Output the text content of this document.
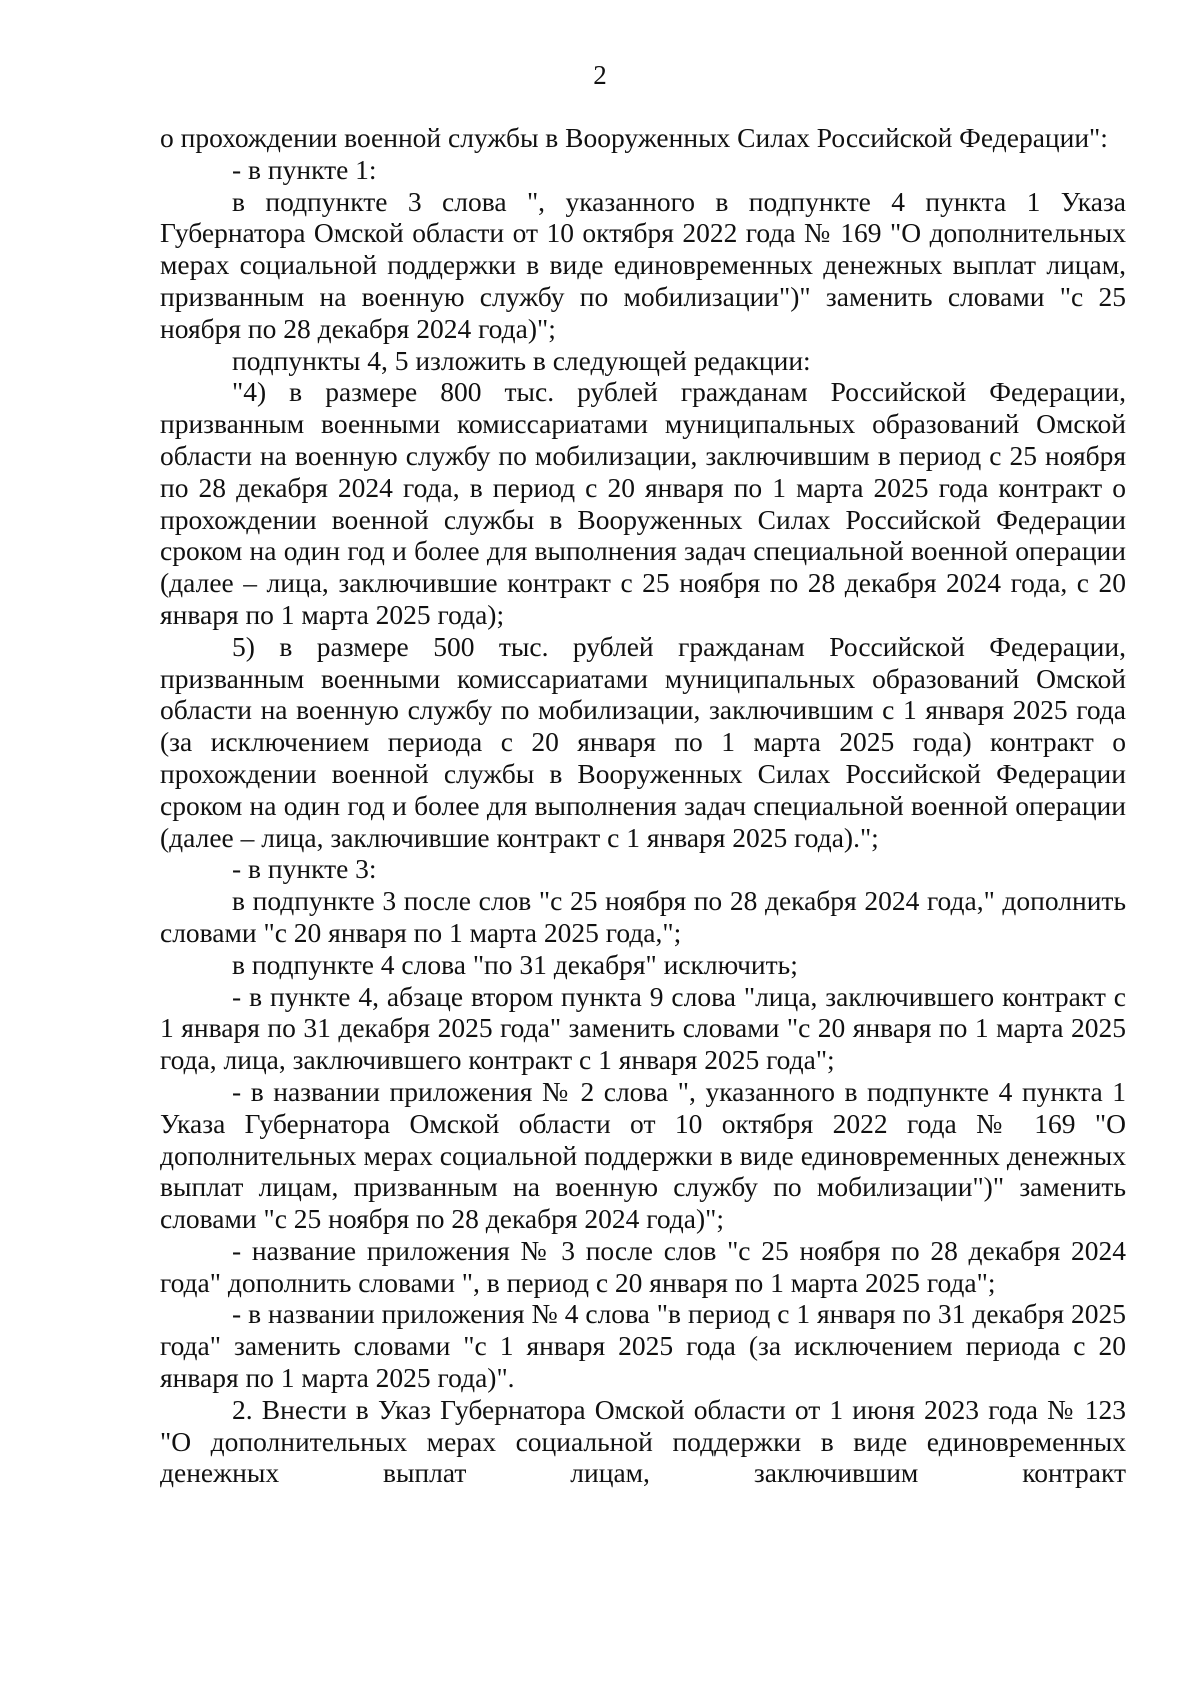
2

о прохождении военной службы в Вооруженных Силах Российской Федерации":

- в пункте 1:

в подпункте 3 слова ", указанного в подпункте 4 пункта 1 Указа Губернатора Омской области от 10 октября 2022 года № 169 "О дополнительных мерах социальной поддержки в виде единовременных денежных выплат лицам, призванным на военную службу по мобилизации")" заменить словами "с 25 ноября по 28 декабря 2024 года)";

подпункты 4, 5 изложить в следующей редакции:

"4) в размере 800 тыс. рублей гражданам Российской Федерации, призванным военными комиссариатами муниципальных образований Омской области на военную службу по мобилизации, заключившим в период с 25 ноября по 28 декабря 2024 года, в период с 20 января по 1 марта 2025 года контракт о прохождении военной службы в Вооруженных Силах Российской Федерации сроком на один год и более для выполнения задач специальной военной операции (далее – лица, заключившие контракт с 25 ноября по 28 декабря 2024 года, с 20 января по 1 марта 2025 года);

5) в размере 500 тыс. рублей гражданам Российской Федерации, призванным военными комиссариатами муниципальных образований Омской области на военную службу по мобилизации, заключившим с 1 января 2025 года (за исключением периода с 20 января по 1 марта 2025 года) контракт о прохождении военной службы в Вооруженных Силах Российской Федерации сроком на один год и более для выполнения задач специальной военной операции (далее – лица, заключившие контракт с 1 января 2025 года).";

- в пункте 3:

в подпункте 3 после слов "с 25 ноября по 28 декабря 2024 года," дополнить словами "с 20 января по 1 марта 2025 года,";

в подпункте 4 слова "по 31 декабря" исключить;

- в пункте 4, абзаце втором пункта 9 слова "лица, заключившего контракт с 1 января по 31 декабря 2025 года" заменить словами "с 20 января по 1 марта 2025 года, лица, заключившего контракт с 1 января 2025 года";

- в названии приложения № 2 слова ", указанного в подпункте 4 пункта 1 Указа Губернатора Омской области от 10 октября 2022 года № 169 "О дополнительных мерах социальной поддержки в виде единовременных денежных выплат лицам, призванным на военную службу по мобилизации")" заменить словами "с 25 ноября по 28 декабря 2024 года)";

- название приложения № 3 после слов "с 25 ноября по 28 декабря 2024 года" дополнить словами ", в период с 20 января по 1 марта 2025 года";

- в названии приложения № 4 слова "в период с 1 января по 31 декабря 2025 года" заменить словами "с 1 января 2025 года (за исключением периода с 20 января по 1 марта 2025 года)".

2. Внести в Указ Губернатора Омской области от 1 июня 2023 года № 123 "О дополнительных мерах социальной поддержки в виде единовременных денежных выплат лицам, заключившим контракт
